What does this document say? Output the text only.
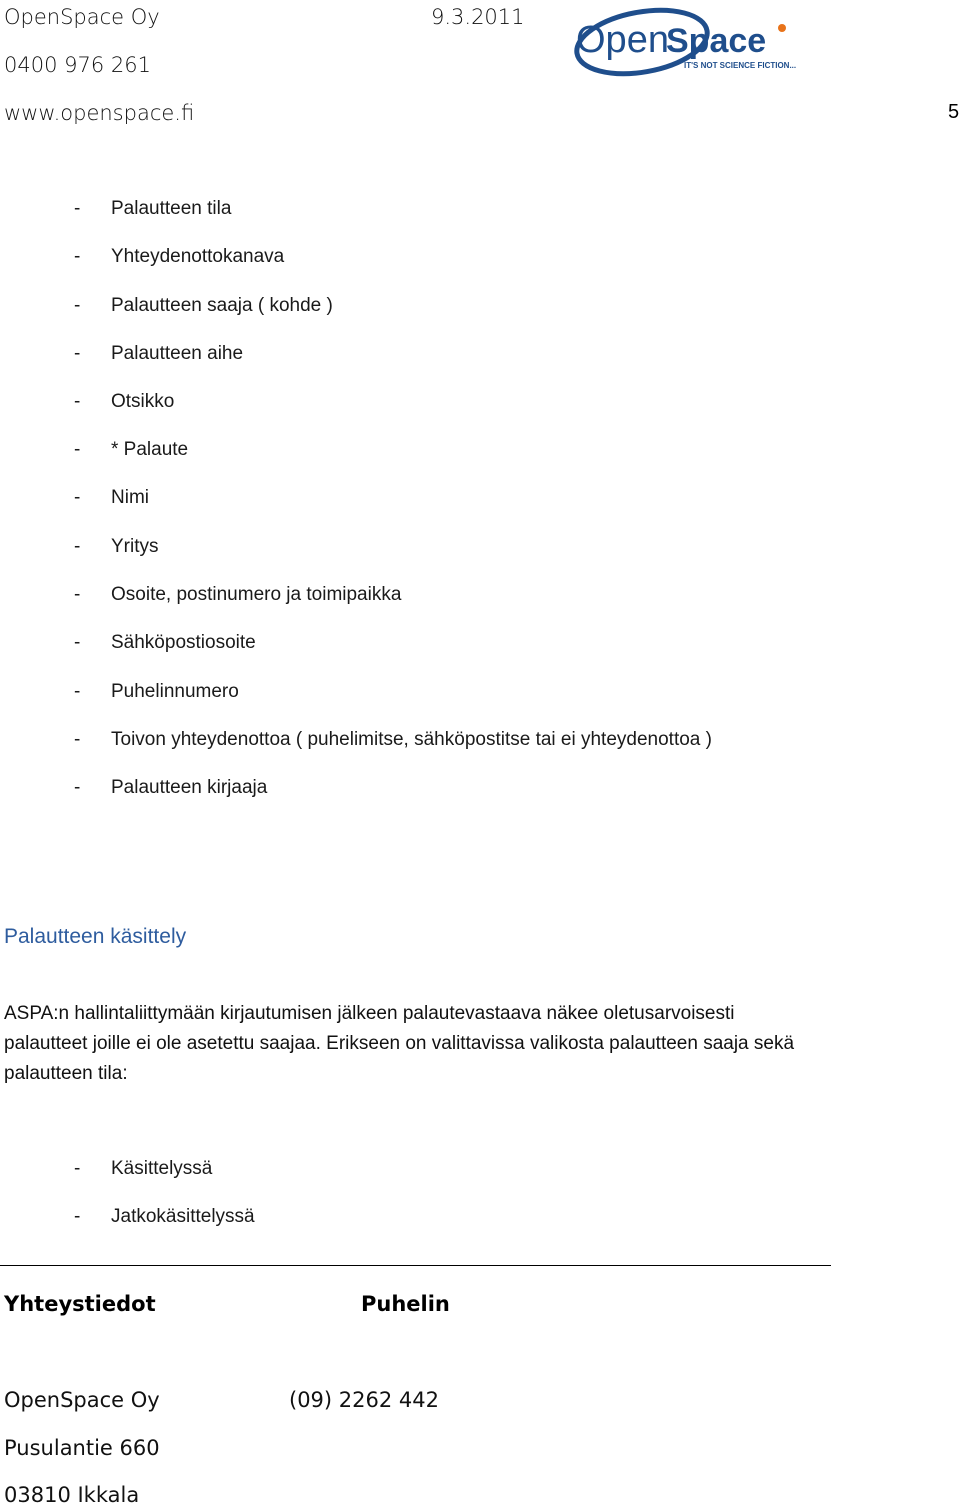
OpenSpace Oy	9.3.2011
0400 976 261
www.openspace.fi	5
Open
Space
IT'S NOT SCIENCE FICTION...
- Palautteen tila
- Yhteydenottokanava
- Palautteen saaja ( kohde )
- Palautteen aihe
- Otsikko
- * Palaute
- Nimi
- Yritys
- Osoite, postinumero ja toimipaikka
- Sähköpostiosoite
- Puhelinnumero
- Toivon yhteydenottoa ( puhelimitse, sähköpostitse tai ei yhteydenottoa )
- Palautteen kirjaaja
Palautteen käsittely
ASPA:n hallintaliittymään kirjautumisen jälkeen palautevastaava näkee oletusarvoisesti palautteet joille ei ole asetettu saajaa. Erikseen on valittavissa valikosta palautteen saaja sekä palautteen tila:
- Käsittelyssä
- Jatkokäsittelyssä
Yhteystiedot	Puhelin
OpenSpace Oy	(09) 2262 442
Pusulantie 660
03810 Ikkala
